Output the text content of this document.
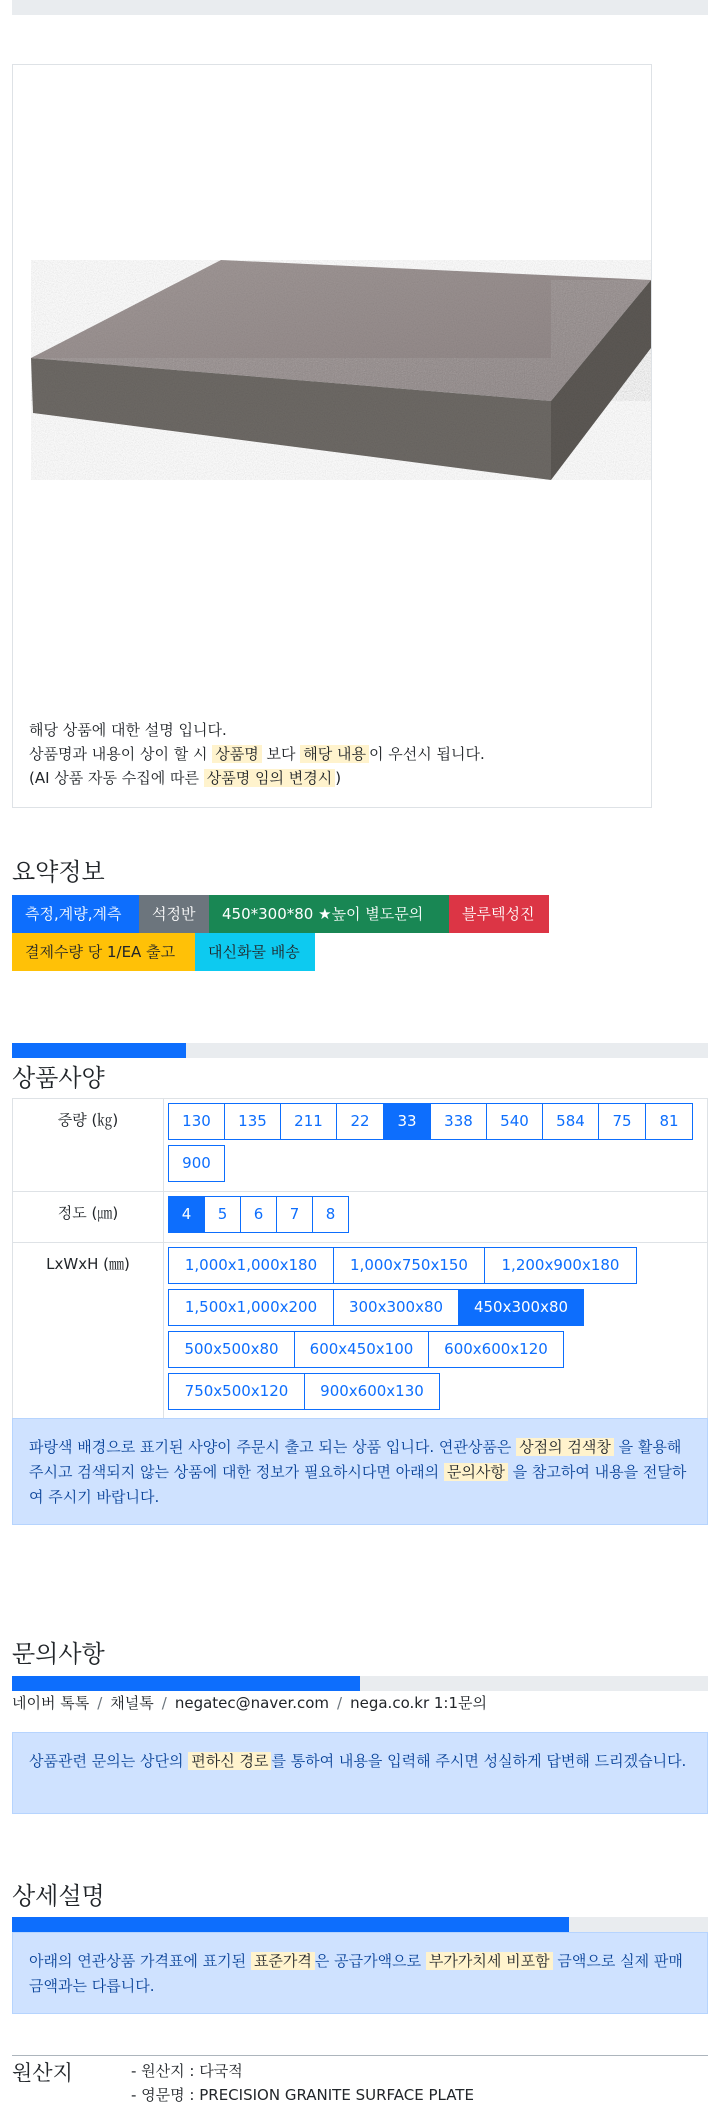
해당 상품에 대한 설명 입니다.
상품명과 내용이 상이 할 시 상품명 보다 해당 내용 이 우선시 됩니다.
(AI 상품 자동 수집에 따른 상품명 임의 변경시 )
요약정보
측정,계량,계측	석정반	450*300*80 ★높이 별도문의	블루텍성진
결제수량 당 1/EA 출고	대신화물 배송
상품사양
중량 (㎏)	130	135	211	22	33	338	540	584	75	81
900
정도 (㎛)	4	5	6	7	8
LxWxH (㎜)	1,000x1,000x180	1,000x750x150	1,200x900x180
1,500x1,000x200	300x300x80	450x300x80
500x500x80	600x450x100	600x600x120
750x500x120	900x600x130
파랑색 배경으로 표기된 사양이 주문시 출고 되는 상품 입니다. 연관상품은 상점의 검색창 을 활용해 주시고 검색되지 않는 상품에 대한 정보가 필요하시다면 아래의 문의사항 을 참고하여 내용을 전달하여 주시기 바랍니다.
문의사항
네이버 톡톡 / 채널톡 / negatec@naver.com / nega.co.kr 1:1문의
상품관련 문의는 상단의 편하신 경로 를 통하여 내용을 입력해 주시면 성실하게 답변해 드리겠습니다.
상세설명
아래의 연관상품 가격표에 표기된 표준가격 은 공급가액으로 부가가치세 비포함 금액으로 실제 판매금액과는 다릅니다.
원산지	- 원산지 : 다국적
- 영문명 : PRECISION GRANITE SURFACE PLATE
